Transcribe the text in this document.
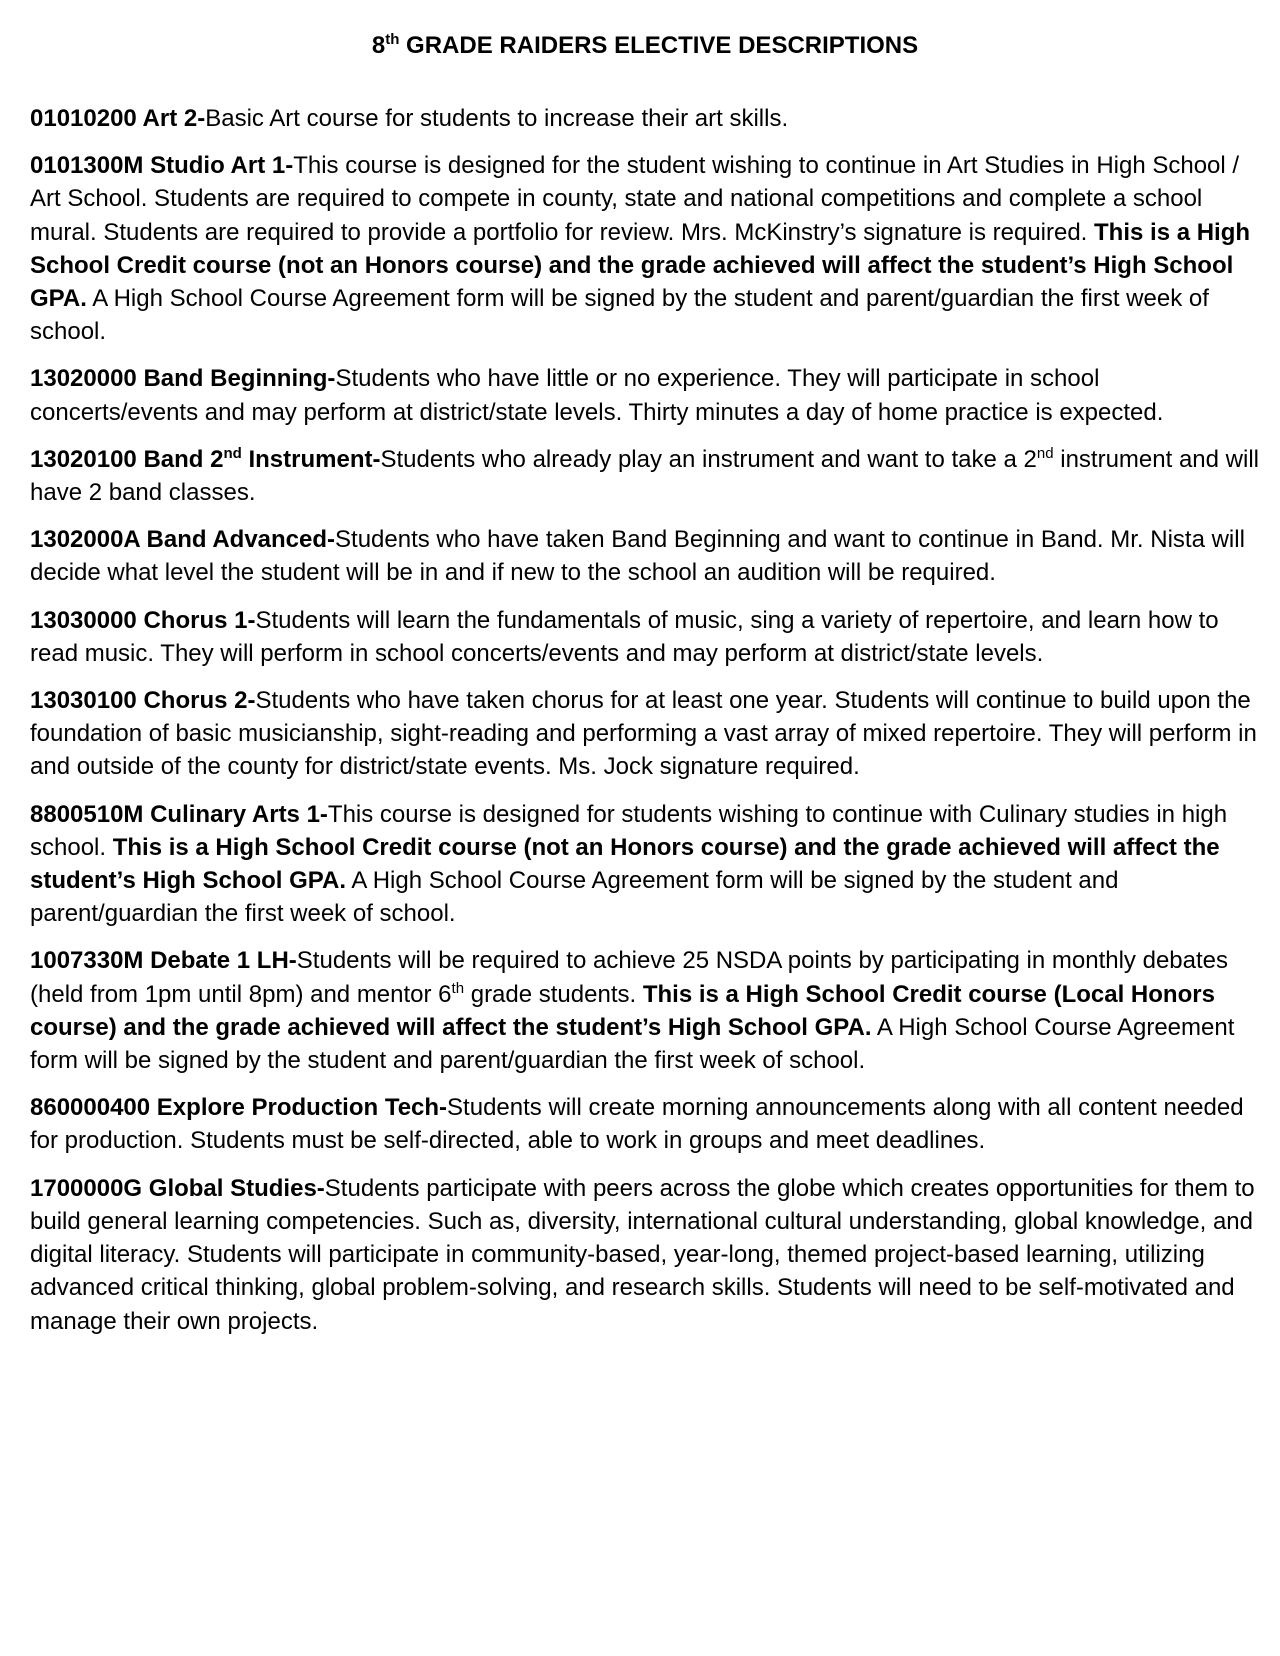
8th GRADE RAIDERS ELECTIVE DESCRIPTIONS

01010200 Art 2-Basic Art course for students to increase their art skills.

0101300M Studio Art 1-This course is designed for the student wishing to continue in Art Studies in High School / Art School. Students are required to compete in county, state and national competitions and complete a school mural. Students are required to provide a portfolio for review. Mrs. McKinstry’s signature is required. This is a High School Credit course (not an Honors course) and the grade achieved will affect the student’s High School GPA. A High School Course Agreement form will be signed by the student and parent/guardian the first week of school.

13020000 Band Beginning-Students who have little or no experience. They will participate in school concerts/events and may perform at district/state levels. Thirty minutes a day of home practice is expected.

13020100 Band 2nd Instrument-Students who already play an instrument and want to take a 2nd instrument and will have 2 band classes.

1302000A Band Advanced-Students who have taken Band Beginning and want to continue in Band. Mr. Nista will decide what level the student will be in and if new to the school an audition will be required.

13030000 Chorus 1-Students will learn the fundamentals of music, sing a variety of repertoire, and learn how to read music. They will perform in school concerts/events and may perform at district/state levels.

13030100 Chorus 2-Students who have taken chorus for at least one year. Students will continue to build upon the foundation of basic musicianship, sight-reading and performing a vast array of mixed repertoire. They will perform in and outside of the county for district/state events. Ms. Jock signature required.

8800510M Culinary Arts 1-This course is designed for students wishing to continue with Culinary studies in high school. This is a High School Credit course (not an Honors course) and the grade achieved will affect the student’s High School GPA. A High School Course Agreement form will be signed by the student and parent/guardian the first week of school.

1007330M Debate 1 LH-Students will be required to achieve 25 NSDA points by participating in monthly debates (held from 1pm until 8pm) and mentor 6th grade students. This is a High School Credit course (Local Honors course) and the grade achieved will affect the student’s High School GPA. A High School Course Agreement form will be signed by the student and parent/guardian the first week of school.

860000400 Explore Production Tech-Students will create morning announcements along with all content needed for production. Students must be self-directed, able to work in groups and meet deadlines.

1700000G Global Studies-Students participate with peers across the globe which creates opportunities for them to build general learning competencies. Such as, diversity, international cultural understanding, global knowledge, and digital literacy. Students will participate in community-based, year-long, themed project-based learning, utilizing advanced critical thinking, global problem-solving, and research skills. Students will need to be self-motivated and manage their own projects.
